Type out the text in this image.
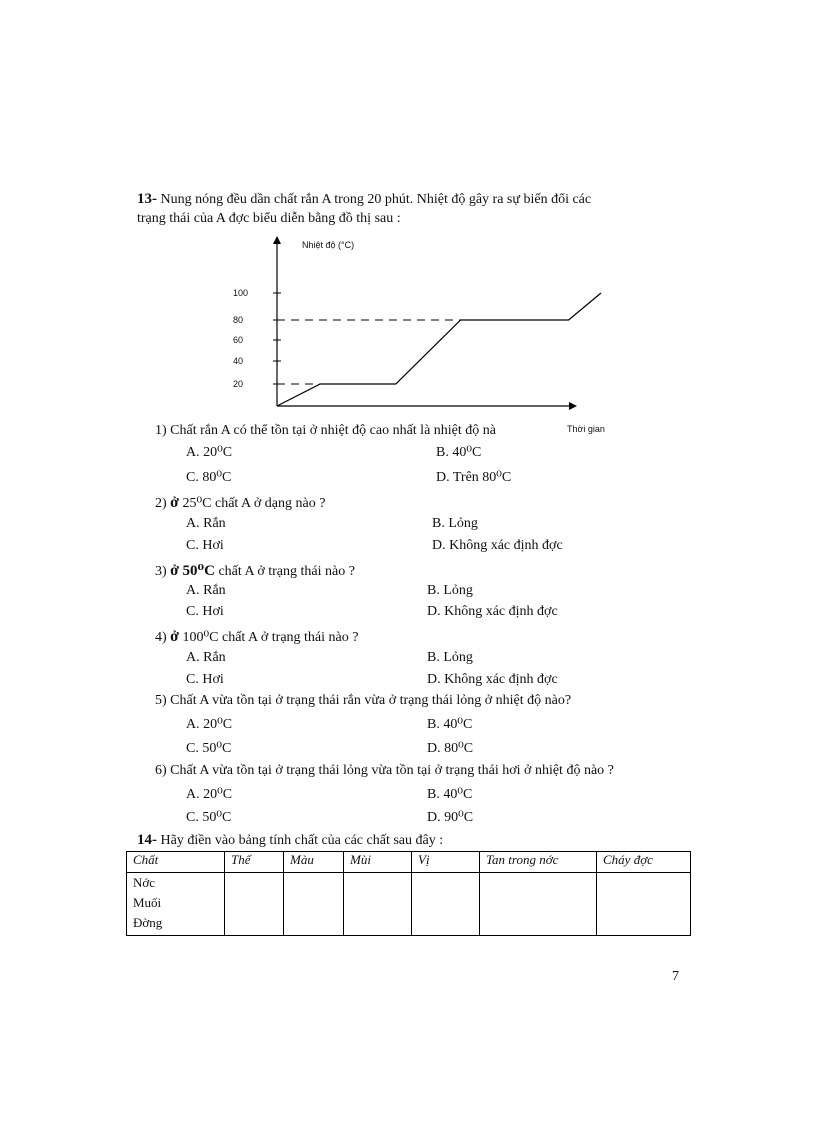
13- Nung nóng đều dần chất rắn A trong 20 phút. Nhiệt độ gây ra sự biến đổi các
trạng thái của A đợc biểu diễn bằng đồ thị sau :
Nhiệt độ (°C)
Thời gian
100
80
60
40
20
1) Chất rắn A có thể tồn tại ở nhiệt độ cao nhất là nhiệt độ nà
A. 20⁰C	B. 40⁰C
C. 80⁰C	D. Trên 80⁰C
2) ở 25⁰C chất A ở dạng nào ?
A. Rắn	B. Lỏng
C. Hơi	D. Không xác định đợc
3) ở 50⁰C chất A ở trạng thái nào ?
A. Rắn	B. Lỏng
C. Hơi	D. Không xác định đợc
4) ở 100⁰C chất A ở trạng thái nào ?
A. Rắn	B. Lỏng
C. Hơi	D. Không xác định đợc
5) Chất A vừa tồn tại ở trạng thái rắn vừa ở trạng thái lỏng ở nhiệt độ nào?
A. 20⁰C	B. 40⁰C
C. 50⁰C	D. 80⁰C
6) Chất A vừa tồn tại ở trạng thái lỏng vừa tồn tại ở trạng thái hơi ở nhiệt độ nào ?
A. 20⁰C	B. 40⁰C
C. 50⁰C	D. 90⁰C
14- Hãy điền vào bảng tính chất của các chất sau đây :
Chất	Thể	Màu	Mùi	Vị	Tan trong nớc	Cháy đợc

Nớc
Muối
Đờng						

7
